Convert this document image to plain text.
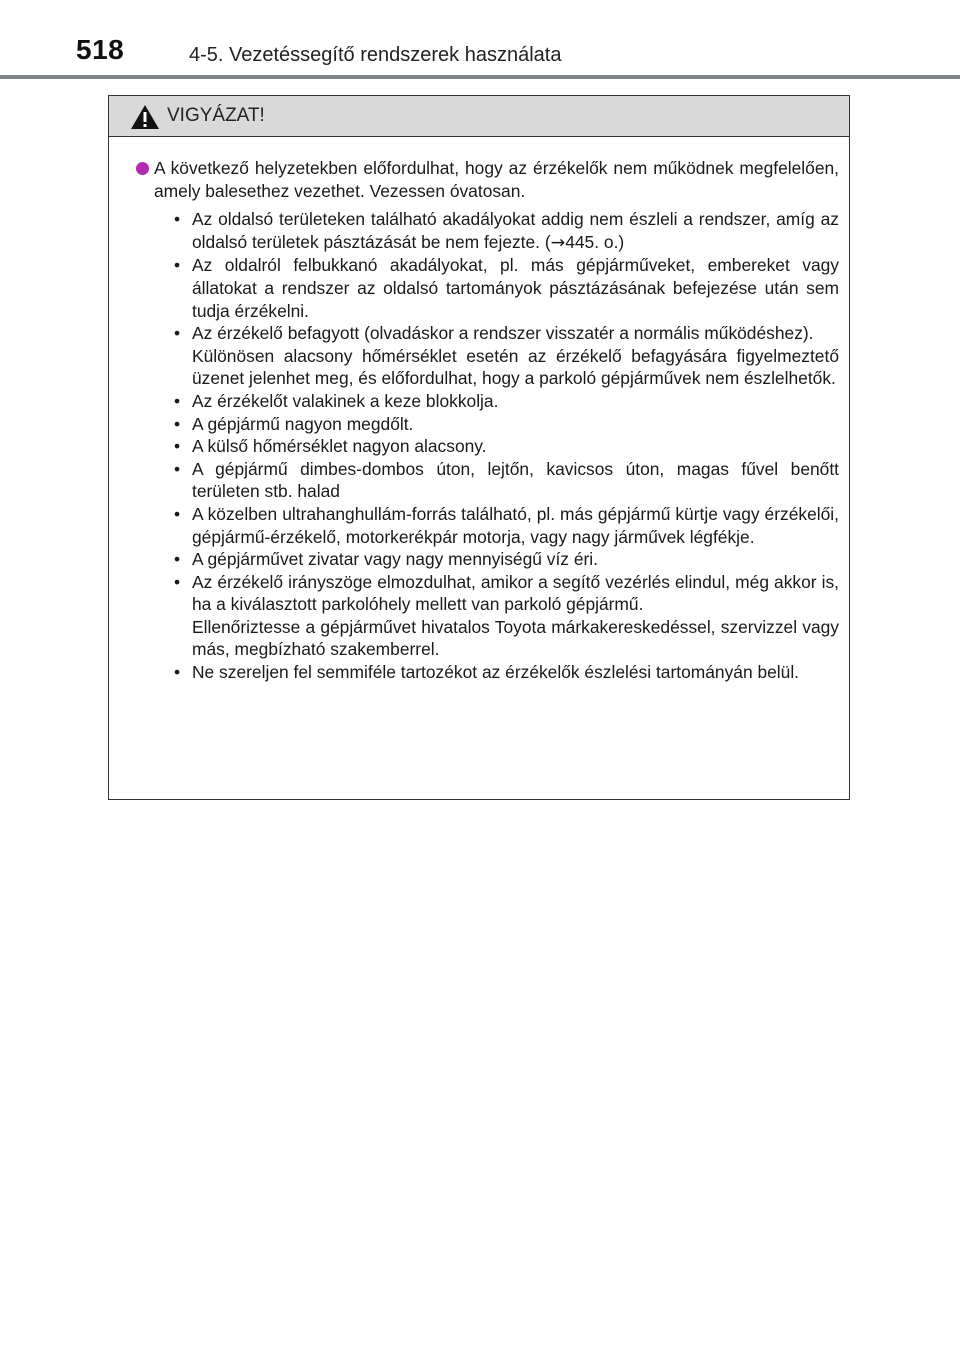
518	4-5. Vezetéssegítő rendszerek használata
VIGYÁZAT!
A következő helyzetekben előfordulhat, hogy az érzékelők nem működnek megfelelően, amely balesethez vezethet. Vezessen óvatosan.
• Az oldalsó területeken található akadályokat addig nem észleli a rendszer, amíg az oldalsó területek pásztázását be nem fejezte. (→445. o.)
• Az oldalról felbukkanó akadályokat, pl. más gépjárműveket, embereket vagy állatokat a rendszer az oldalsó tartományok pásztázásának befejezése után sem tudja érzékelni.
• Az érzékelő befagyott (olvadáskor a rendszer visszatér a normális működéshez).
Különösen alacsony hőmérséklet esetén az érzékelő befagyására figyelmeztető üzenet jelenhet meg, és előfordulhat, hogy a parkoló gépjárművek nem észlelhetők.
• Az érzékelőt valakinek a keze blokkolja.
• A gépjármű nagyon megdőlt.
• A külső hőmérséklet nagyon alacsony.
• A gépjármű dimbes-dombos úton, lejtőn, kavicsos úton, magas fűvel benőtt területen stb. halad
• A közelben ultrahanghullám-forrás található, pl. más gépjármű kürtje vagy érzékelői, gépjármű-érzékelő, motorkerékpár motorja, vagy nagy járművek légfékje.
• A gépjárművet zivatar vagy nagy mennyiségű víz éri.
• Az érzékelő irányszöge elmozdulhat, amikor a segítő vezérlés elindul, még akkor is, ha a kiválasztott parkolóhely mellett van parkoló gépjármű.
Ellenőriztesse a gépjárművet hivatalos Toyota márkakereskedéssel, szervizzel vagy más, megbízható szakemberrel.
• Ne szereljen fel semmiféle tartozékot az érzékelők észlelési tartományán belül.
